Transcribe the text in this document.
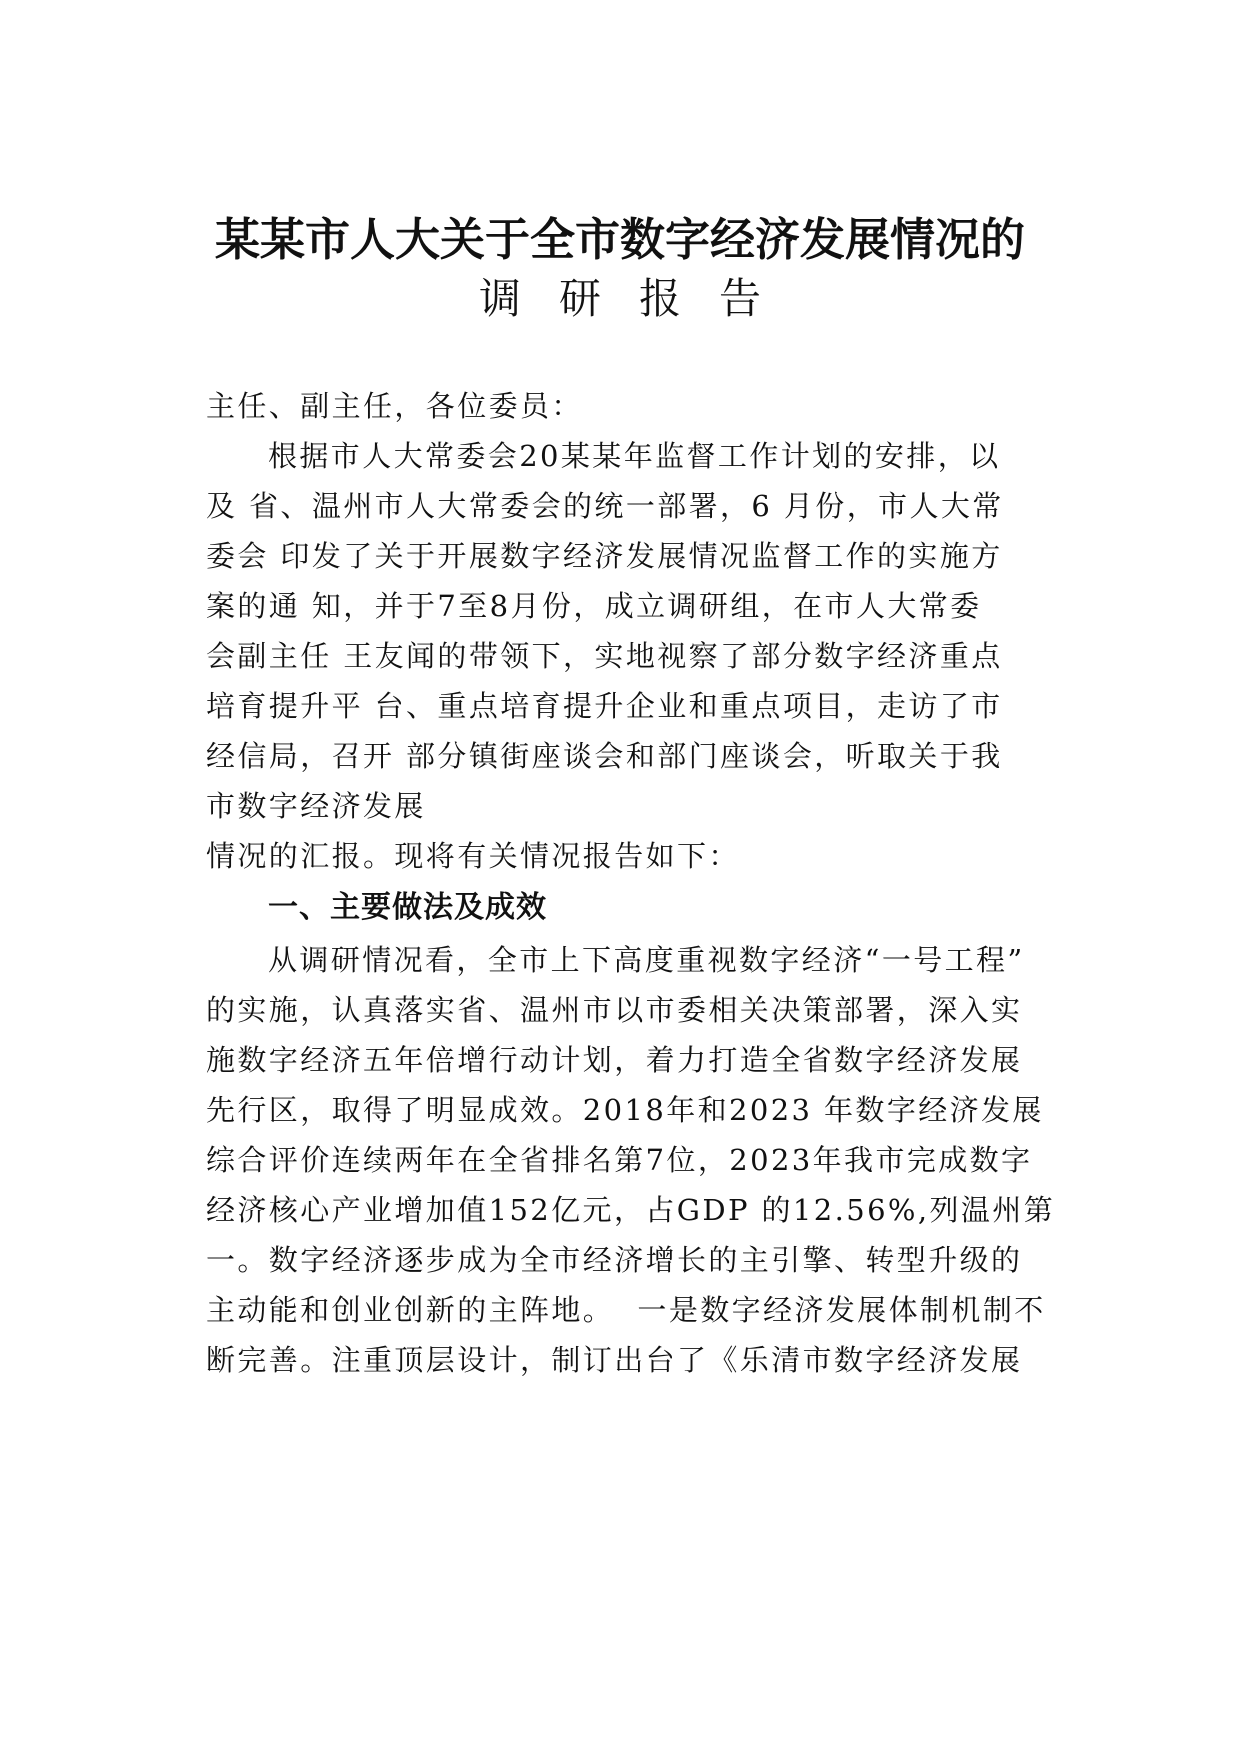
某某市人大关于全市数字经济发展情况的
调研报告
主任、副主任，各位委员：
根据市人大常委会20某某年监督工作计划的安排，以
及 省、温州市人大常委会的统一部署，6 月份，市人大常
委会 印发了关于开展数字经济发展情况监督工作的实施方
案的通 知，并于7至8月份，成立调研组，在市人大常委
会副主任 王友闻的带领下，实地视察了部分数字经济重点
培育提升平 台、重点培育提升企业和重点项目，走访了市
经信局，召开 部分镇街座谈会和部门座谈会，听取关于我
市数字经济发展
情况的汇报。现将有关情况报告如下：
一、主要做法及成效
从调研情况看，全市上下高度重视数字经济“一号工程”
的实施，认真落实省、温州市以市委相关决策部署，深入实
施数字经济五年倍增行动计划，着力打造全省数字经济发展
先行区，取得了明显成效。2018年和2023 年数字经济发展
综合评价连续两年在全省排名第7位，2023年我市完成数字
经济核心产业增加值152亿元，占GDP 的12.56%,列温州第
一。数字经济逐步成为全市经济增长的主引擎、转型升级的
主动能和创业创新的主阵地。  一是数字经济发展体制机制不
断完善。注重顶层设计，制订出台了《乐清市数字经济发展
